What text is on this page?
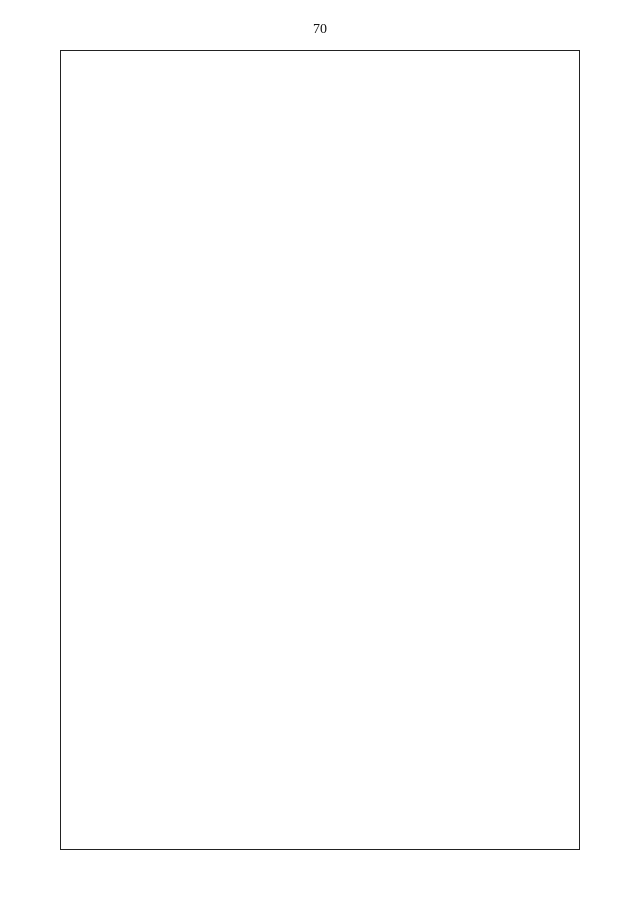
70
